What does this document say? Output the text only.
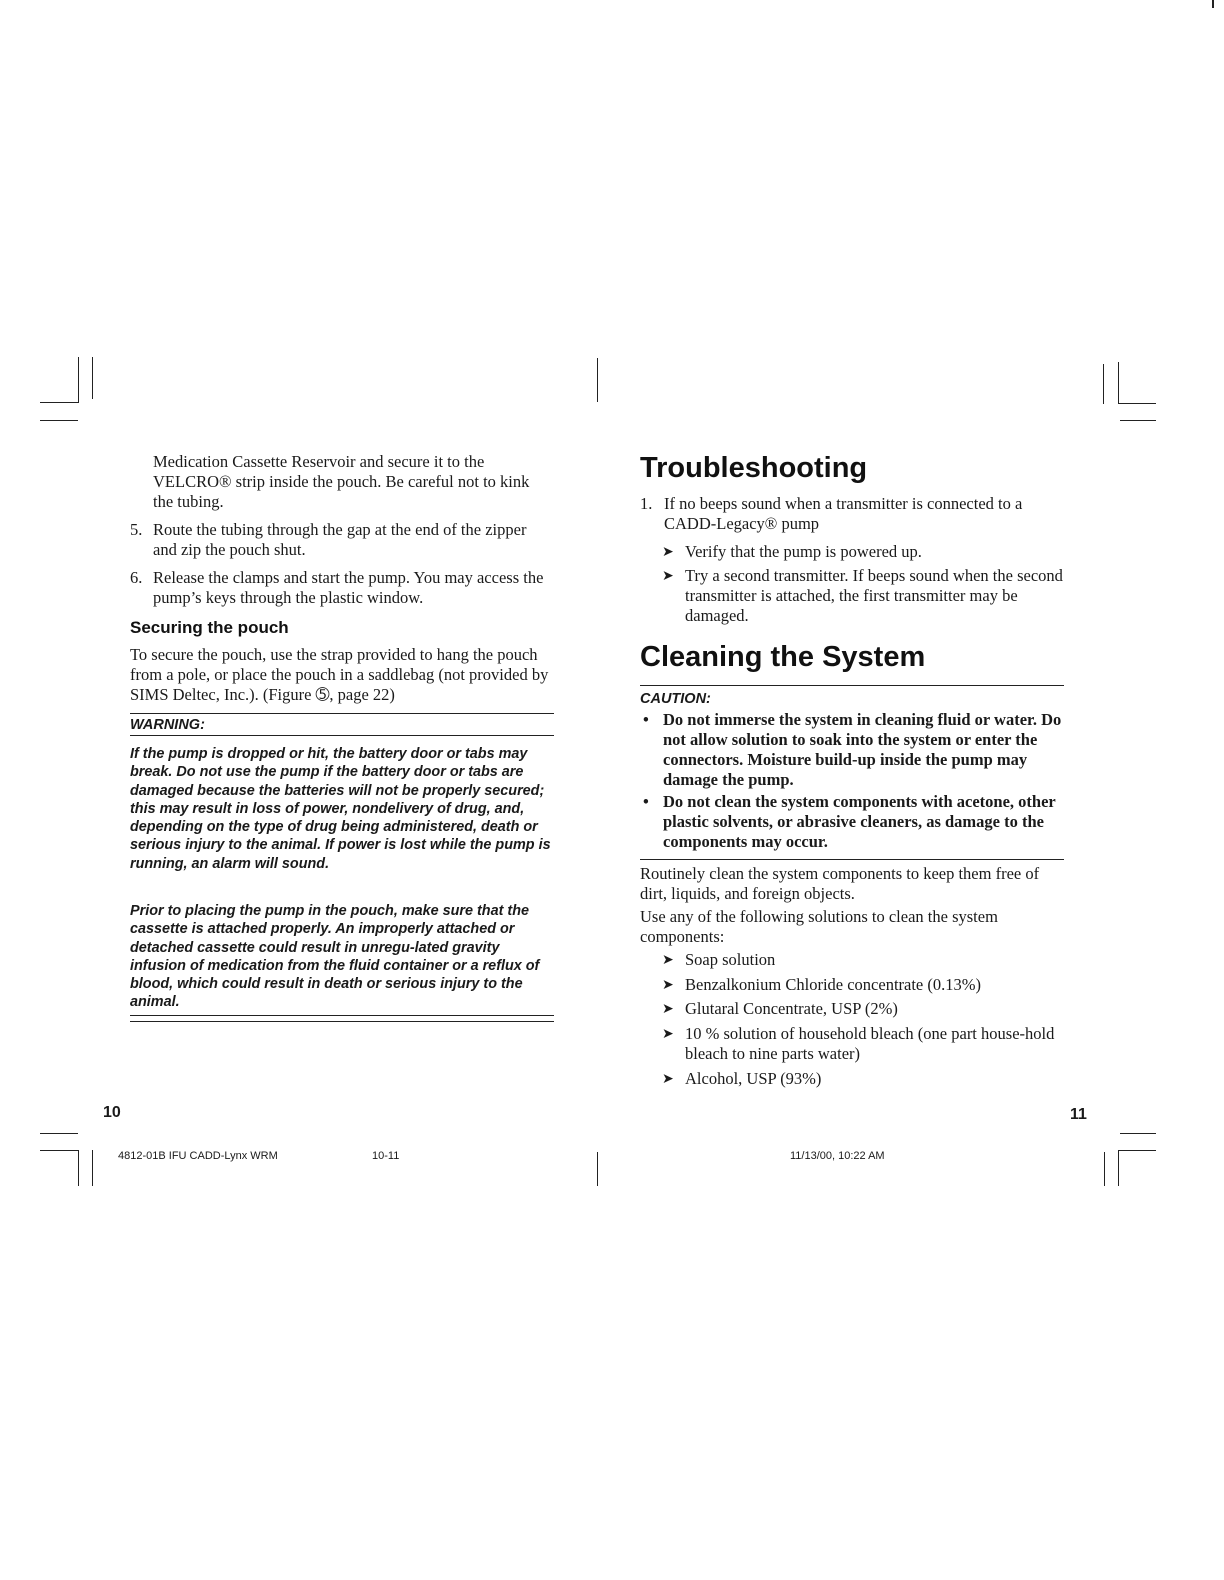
Medication Cassette Reservoir and secure it to the VELCRO® strip inside the pouch. Be careful not to kink the tubing.

5. Route the tubing through the gap at the end of the zipper and zip the pouch shut.

6. Release the clamps and start the pump. You may access the pump’s keys through the plastic window.

Securing the pouch

To secure the pouch, use the strap provided to hang the pouch from a pole, or place the pouch in a saddlebag (not provided by SIMS Deltec, Inc.). (Figure ➄, page 22)

WARNING:

If the pump is dropped or hit, the battery door or tabs may break. Do not use the pump if the battery door or tabs are damaged because the batteries will not be properly secured; this may result in loss of power, nondelivery of drug, and, depending on the type of drug being administered, death or serious injury to the animal. If power is lost while the pump is running, an alarm will sound.

Prior to placing the pump in the pouch, make sure that the cassette is attached properly. An improperly attached or detached cassette could result in unregu-lated gravity infusion of medication from the fluid container or a reflux of blood, which could result in death or serious injury to the animal.

10
Troubleshooting
1. If no beeps sound when a transmitter is connected to a CADD-Legacy® pump

➤ Verify that the pump is powered up.

➤ Try a second transmitter. If beeps sound when the second transmitter is attached, the first transmitter may be damaged.

Cleaning the System
CAUTION:
• Do not immerse the system in cleaning fluid or water. Do not allow solution to soak into the system or enter the connectors. Moisture build-up inside the pump may damage the pump.

• Do not clean the system components with acetone, other plastic solvents, or abrasive cleaners, as damage to the components may occur.

Routinely clean the system components to keep them free of dirt, liquids, and foreign objects.

Use any of the following solutions to clean the system components:

➤ Soap solution

➤ Benzalkonium Chloride concentrate (0.13%)

➤ Glutaral Concentrate, USP (2%)

➤ 10 % solution of household bleach (one part house-hold bleach to nine parts water)

➤ Alcohol, USP (93%)

11
4812-01B IFU CADD-Lynx WRM	10-11	11/13/00, 10:22 AM
